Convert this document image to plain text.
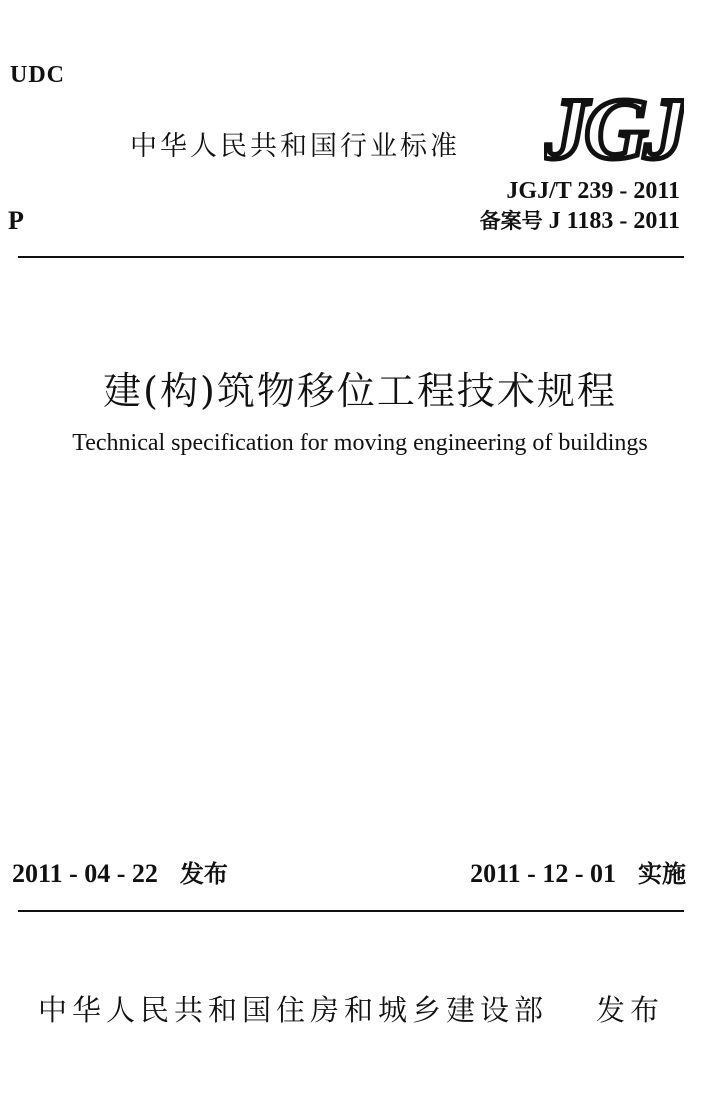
UDC
中华人民共和国行业标准 JGJ
JGJ/T 239 - 2011
备案号 J 1183 - 2011
P
建(构)筑物移位工程技术规程
Technical specification for moving engineering of buildings
2011 - 04 - 22 发布	2011 - 12 - 01 实施
中华人民共和国住房和城乡建设部 发布
